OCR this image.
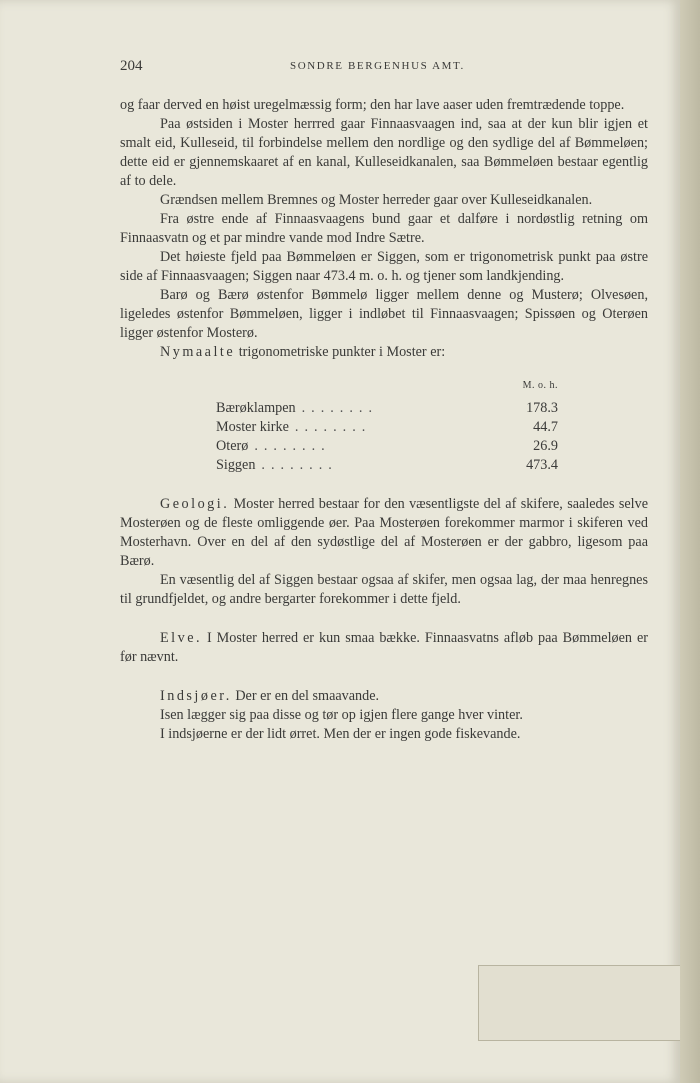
204	SONDRE BERGENHUS AMT.

og faar derved en høist uregelmæssig form; den har lave aaser uden fremtrædende toppe.

Paa østsiden i Moster herrred gaar Finnaasvaagen ind, saa at der kun blir igjen et smalt eid, Kulleseid, til forbindelse mellem den nordlige og den sydlige del af Bømmeløen; dette eid er gjennemskaaret af en kanal, Kulleseidkanalen, saa Bømmeløen bestaar egentlig af to dele.

Grændsen mellem Bremnes og Moster herreder gaar over Kulleseidkanalen.

Fra østre ende af Finnaasvaagens bund gaar et dalføre i nordøstlig retning om Finnaasvatn og et par mindre vande mod Indre Sætre.

Det høieste fjeld paa Bømmeløen er Siggen, som er trigonometrisk punkt paa østre side af Finnaasvaagen; Siggen naar 473.4 m. o. h. og tjener som landkjending.

Barø og Bærø østenfor Bømmelø ligger mellem denne og Musterø; Olvesøen, ligeledes østenfor Bømmeløen, ligger i indløbet til Finnaasvaagen; Spissøen og Oterøen ligger østenfor Mosterø.

Nymaalte trigonometriske punkter i Moster er:

M. o. h.
Bærøklampen ........	178.3
Moster kirke ........	44.7
Oterø ........	26.9
Siggen ........	473.4

Geologi. Moster herred bestaar for den væsentligste del af skifere, saaledes selve Mosterøen og de fleste omliggende øer. Paa Mosterøen forekommer marmor i skiferen ved Mosterhavn. Over en del af den sydøstlige del af Mosterøen er der gabbro, ligesom paa Bærø.

En væsentlig del af Siggen bestaar ogsaa af skifer, men ogsaa lag, der maa henregnes til grundfjeldet, og andre bergarter forekommer i dette fjeld.

Elve. I Moster herred er kun smaa bække. Finnaasvatns afløb paa Bømmeløen er før nævnt.

Indsjøer. Der er en del smaavande.

Isen lægger sig paa disse og tør op igjen flere gange hver vinter.

I indsjøerne er der lidt ørret. Men der er ingen gode fiskevande.
